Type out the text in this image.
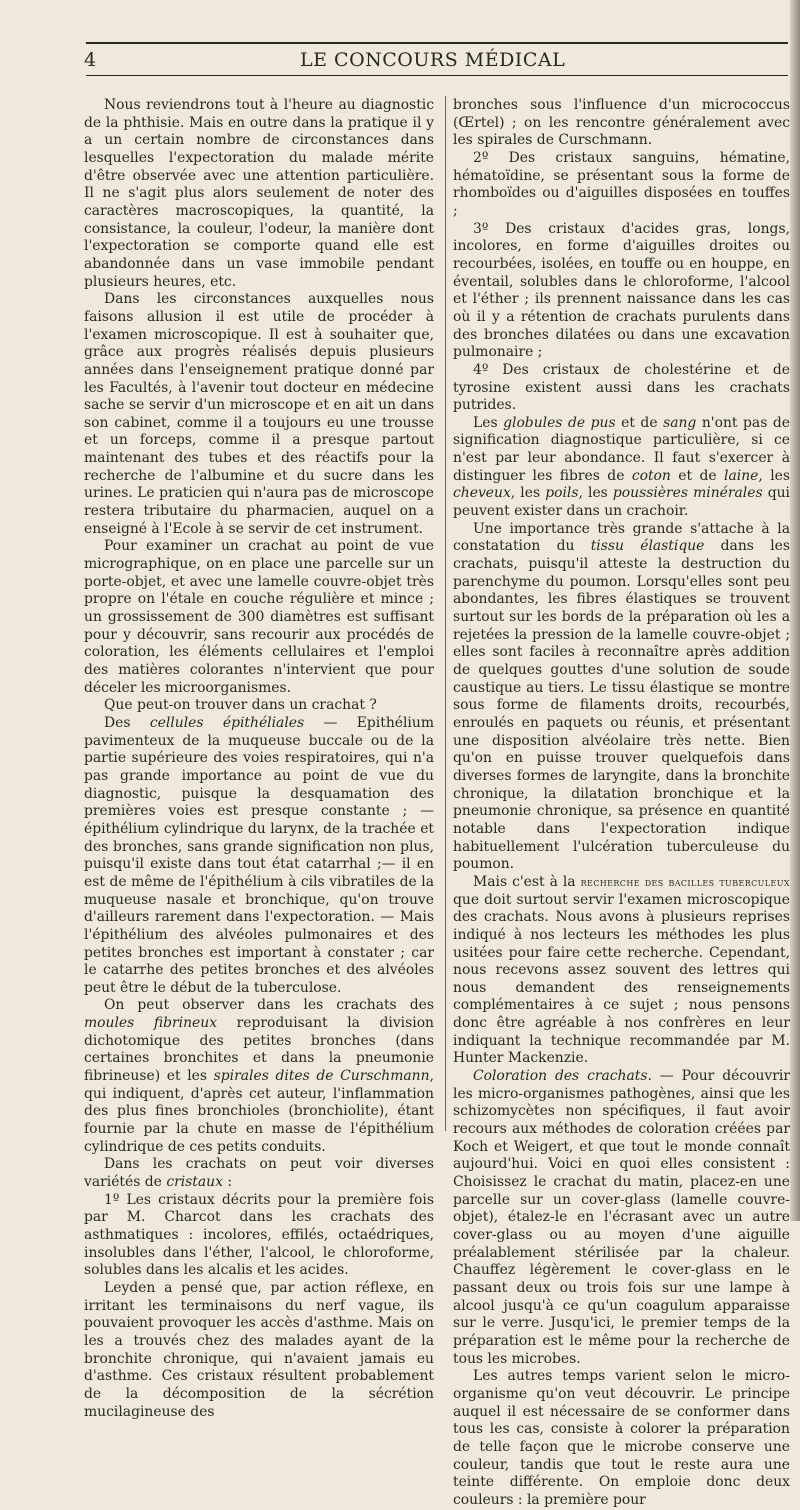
4	LE CONCOURS MÉDICAL

Nous reviendrons tout à l'heure au diagnostic de la phthisie. Mais en outre dans la pratique il y a un certain nombre de circonstances dans lesquelles l'expectoration du malade mérite d'être observée avec une attention particulière. Il ne s'agit plus alors seulement de noter des caractères macroscopiques, la quantité, la consistance, la couleur, l'odeur, la manière dont l'expectoration se comporte quand elle est abandonnée dans un vase immobile pendant plusieurs heures, etc.

Dans les circonstances auxquelles nous faisons allusion il est utile de procéder à l'examen microscopique. Il est à souhaiter que, grâce aux progrès réalisés depuis plusieurs années dans l'enseignement pratique donné par les Facultés, à l'avenir tout docteur en médecine sache se servir d'un microscope et en ait un dans son cabinet, comme il a toujours eu une trousse et un forceps, comme il a presque partout maintenant des tubes et des réactifs pour la recherche de l'albumine et du sucre dans les urines. Le praticien qui n'aura pas de microscope restera tributaire du pharmacien, auquel on a enseigné à l'Ecole à se servir de cet instrument.

Pour examiner un crachat au point de vue micrographique, on en place une parcelle sur un porte-objet, et avec une lamelle couvre-objet très propre on l'étale en couche régulière et mince ; un grossissement de 300 diamètres est suffisant pour y découvrir, sans recourir aux procédés de coloration, les éléments cellulaires et l'emploi des matières colorantes n'intervient que pour déceler les microorganismes.

Que peut-on trouver dans un crachat ?

Des cellules épithéliales — Epithélium pavimenteux de la muqueuse buccale ou de la partie supérieure des voies respiratoires, qui n'a pas grande importance au point de vue du diagnostic, puisque la desquamation des premières voies est presque constante ; — épithélium cylindrique du larynx, de la trachée et des bronches, sans grande signification non plus, puisqu'il existe dans tout état catarrhal ;— il en est de même de l'épithélium à cils vibratiles de la muqueuse nasale et bronchique, qu'on trouve d'ailleurs rarement dans l'expectoration. — Mais l'épithélium des alvéoles pulmonaires et des petites bronches est important à constater ; car le catarrhe des petites bronches et des alvéoles peut être le début de la tuberculose.

On peut observer dans les crachats des moules fibrineux reproduisant la division dichotomique des petites bronches (dans certaines bronchites et dans la pneumonie fibrineuse) et les spirales dites de Curschmann, qui indiquent, d'après cet auteur, l'inflammation des plus fines bronchioles (bronchiolite), étant fournie par la chute en masse de l'épithélium cylindrique de ces petits conduits.

Dans les crachats on peut voir diverses variétés de cristaux :

1º Les cristaux décrits pour la première fois par M. Charcot dans les crachats des asthmatiques : incolores, effilés, octaédriques, insolubles dans l'éther, l'alcool, le chloroforme, solubles dans les alcalis et les acides.

Leyden a pensé que, par action réflexe, en irritant les terminaisons du nerf vague, ils pouvaient provoquer les accès d'asthme. Mais on les a trouvés chez des malades ayant de la bronchite chronique, qui n'avaient jamais eu d'asthme. Ces cristaux résultent probablement de la décomposition de la sécrétion mucilagineuse des

bronches sous l'influence d'un micrococcus (Œrtel) ; on les rencontre généralement avec les spirales de Curschmann.

2º Des cristaux sanguins, hématine, hématoïdine, se présentant sous la forme de rhomboïdes ou d'aiguilles disposées en touffes ;

3º Des cristaux d'acides gras, longs, incolores, en forme d'aiguilles droites ou recourbées, isolées, en touffe ou en houppe, en éventail, solubles dans le chloroforme, l'alcool et l'éther ; ils prennent naissance dans les cas où il y a rétention de crachats purulents dans des bronches dilatées ou dans une excavation pulmonaire ;

4º Des cristaux de cholestérine et de tyrosine existent aussi dans les crachats putrides.

Les globules de pus et de sang n'ont pas de signification diagnostique particulière, si ce n'est par leur abondance. Il faut s'exercer à distinguer les fibres de coton et de laine, les cheveux, les poils, les poussières minérales qui peuvent exister dans un crachoir.

Une importance très grande s'attache à la constatation du tissu élastique dans les crachats, puisqu'il atteste la destruction du parenchyme du poumon. Lorsqu'elles sont peu abondantes, les fibres élastiques se trouvent surtout sur les bords de la préparation où les a rejetées la pression de la lamelle couvre-objet ; elles sont faciles à reconnaître après addition de quelques gouttes d'une solution de soude caustique au tiers. Le tissu élastique se montre sous forme de filaments droits, recourbés, enroulés en paquets ou réunis, et présentant une disposition alvéolaire très nette. Bien qu'on en puisse trouver quelquefois dans diverses formes de laryngite, dans la bronchite chronique, la dilatation bronchique et la pneumonie chronique, sa présence en quantité notable dans l'expectoration indique habituellement l'ulcération tuberculeuse du poumon.

Mais c'est à la recherche des bacilles tuberculeux que doit surtout servir l'examen microscopique des crachats. Nous avons à plusieurs reprises indiqué à nos lecteurs les méthodes les plus usitées pour faire cette recherche. Cependant, nous recevons assez souvent des lettres qui nous demandent des renseignements complémentaires à ce sujet ; nous pensons donc être agréable à nos confrères en leur indiquant la technique recommandée par M. Hunter Mackenzie.

Coloration des crachats. — Pour découvrir les micro-organismes pathogènes, ainsi que les schizomycètes non spécifiques, il faut avoir recours aux méthodes de coloration créées par Koch et Weigert, et que tout le monde connaît aujourd'hui. Voici en quoi elles consistent : Choisissez le crachat du matin, placez-en une parcelle sur un cover-glass (lamelle couvre-objet), étalez-le en l'écrasant avec un autre cover-glass ou au moyen d'une aiguille préalablement stérilisée par la chaleur. Chauffez légèrement le cover-glass en le passant deux ou trois fois sur une lampe à alcool jusqu'à ce qu'un coagulum apparaisse sur le verre. Jusqu'ici, le premier temps de la préparation est le même pour la recherche de tous les microbes.

Les autres temps varient selon le micro-organisme qu'on veut découvrir. Le principe auquel il est nécessaire de se conformer dans tous les cas, consiste à colorer la préparation de telle façon que le microbe conserve une couleur, tandis que tout le reste aura une teinte différente. On emploie donc deux couleurs : la première pour
